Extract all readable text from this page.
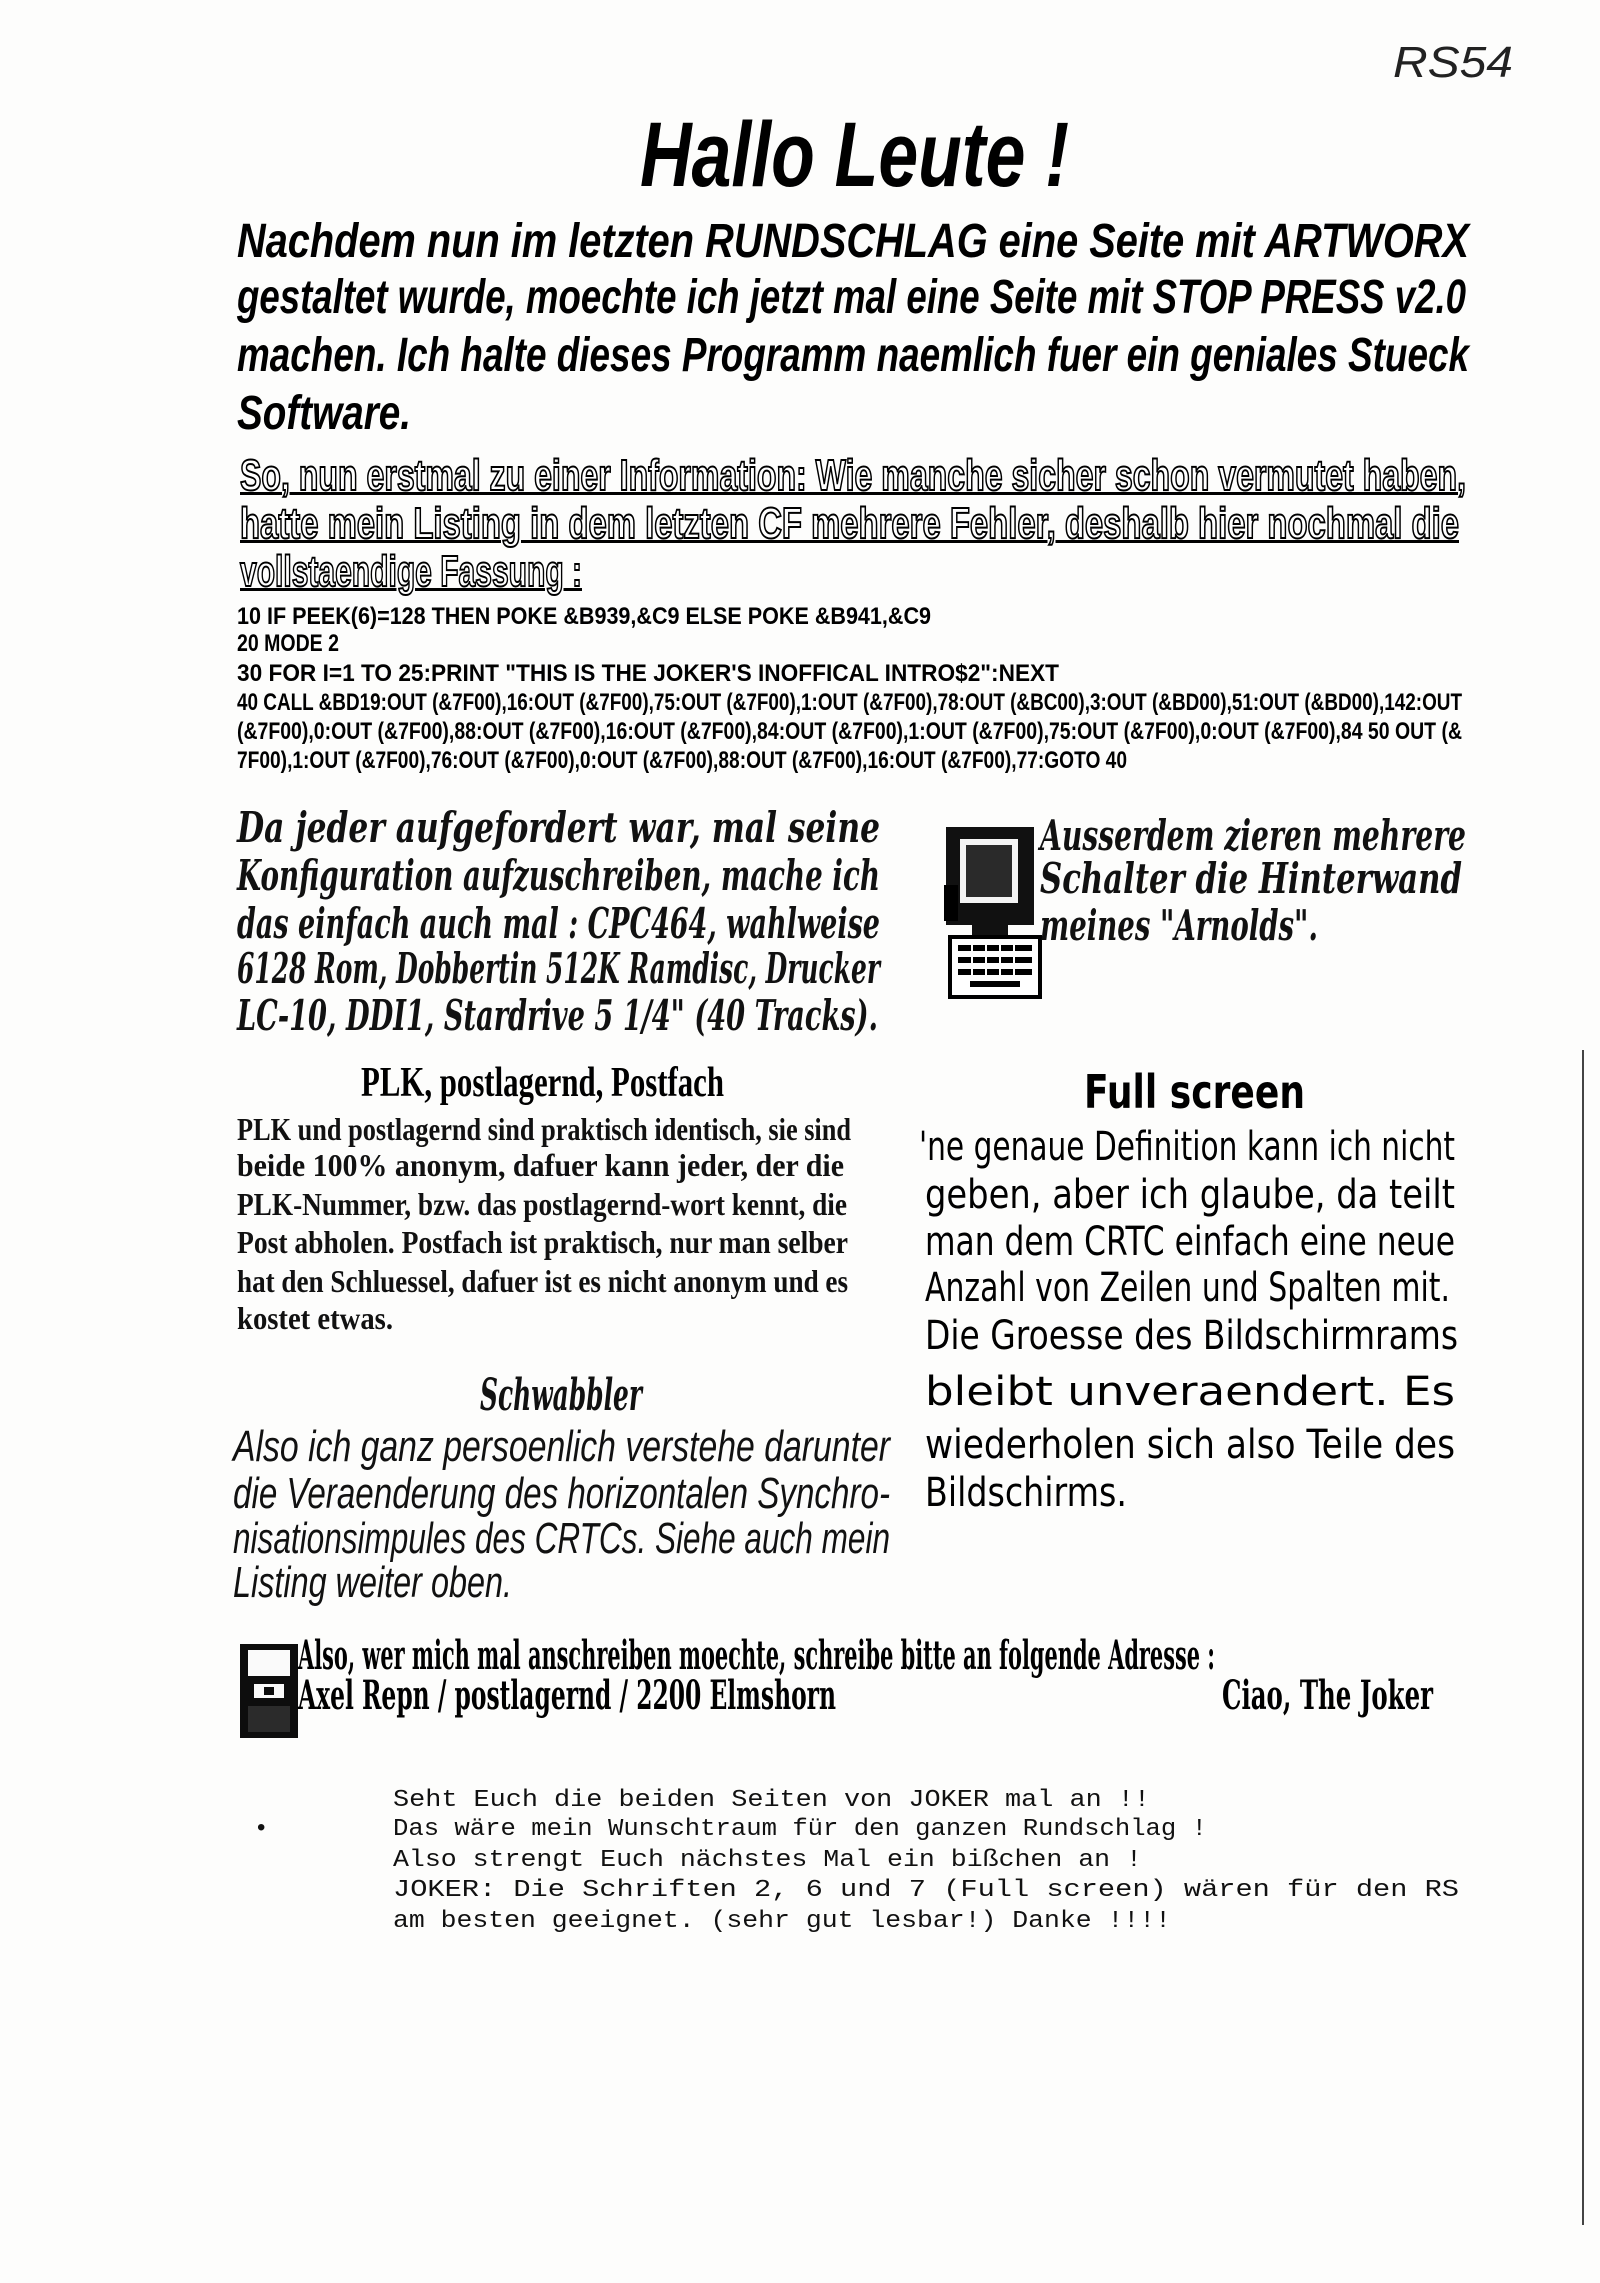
RS54
Hallo Leute !
Nachdem nun im letzten RUNDSCHLAG eine Seite mit ARTWORX
gestaltet wurde, moechte ich jetzt mal eine Seite mit STOP PRESS v2.0
machen. Ich halte dieses Programm naemlich fuer ein geniales Stueck
Software.
So, nun erstmal zu einer Information: Wie manche sicher schon vermutet haben,
hatte mein Listing in dem letzten CF mehrere Fehler, deshalb hier nochmal die
vollstaendige Fassung :
10 IF PEEK(6)=128 THEN POKE &B939,&C9 ELSE POKE &B941,&C9
20 MODE 2
30 FOR I=1 TO 25:PRINT "THIS IS THE JOKER'S INOFFICAL INTRO$2":NEXT
40 CALL &BD19:OUT (&7F00),16:OUT (&7F00),75:OUT (&7F00),1:OUT (&7F00),78:OUT (&BC00),3:OUT (&BD00),51:OUT (&BD00),142:OUT
(&7F00),0:OUT (&7F00),88:OUT (&7F00),16:OUT (&7F00),84:OUT (&7F00),1:OUT (&7F00),75:OUT (&7F00),0:OUT (&7F00),84 50 OUT (&
7F00),1:OUT (&7F00),76:OUT (&7F00),0:OUT (&7F00),88:OUT (&7F00),16:OUT (&7F00),77:GOTO 40
Da jeder aufgefordert war, mal seine
Konfiguration aufzuschreiben, mache ich
das einfach auch mal : CPC464, wahlweise
6128 Rom, Dobbertin 512K Ramdisc, Drucker
LC-10, DDI1, Stardrive 5 1/4" (40 Tracks).
Ausserdem zieren mehrere
Schalter die Hinterwand
meines "Arnolds".
PLK, postlagernd, Postfach
PLK und postlagernd sind praktisch identisch, sie sind
beide 100% anonym, dafuer kann jeder, der die
PLK-Nummer, bzw. das postlagernd-wort kennt, die
Post abholen. Postfach ist praktisch, nur man selber
hat den Schluessel, dafuer ist es nicht anonym und es
kostet etwas.
Schwabbler
Also ich ganz persoenlich verstehe darunter
die Veraenderung des horizontalen Synchro-
nisationsimpules des CRTCs. Siehe auch mein
Listing weiter oben.
Full screen
'ne genaue Definition kann ich nicht
geben, aber ich glaube, da teilt
man dem CRTC einfach eine neue
Anzahl von Zeilen und Spalten mit.
Die Groesse des Bildschirmrams
bleibt unveraendert. Es
wiederholen sich also Teile des
Bildschirms.
Also, wer mich mal anschreiben moechte, schreibe bitte an folgende Adresse :
Axel Repn / postlagernd / 2200 Elmshorn	Ciao, The Joker
•
Seht Euch die beiden Seiten von JOKER mal an !!
Das wäre mein Wunschtraum für den ganzen Rundschlag !
Also strengt Euch nächstes Mal ein bißchen an !
JOKER: Die Schriften 2, 6 und 7 (Full screen) wären für den RS
am besten geeignet. (sehr gut lesbar!) Danke !!!!
